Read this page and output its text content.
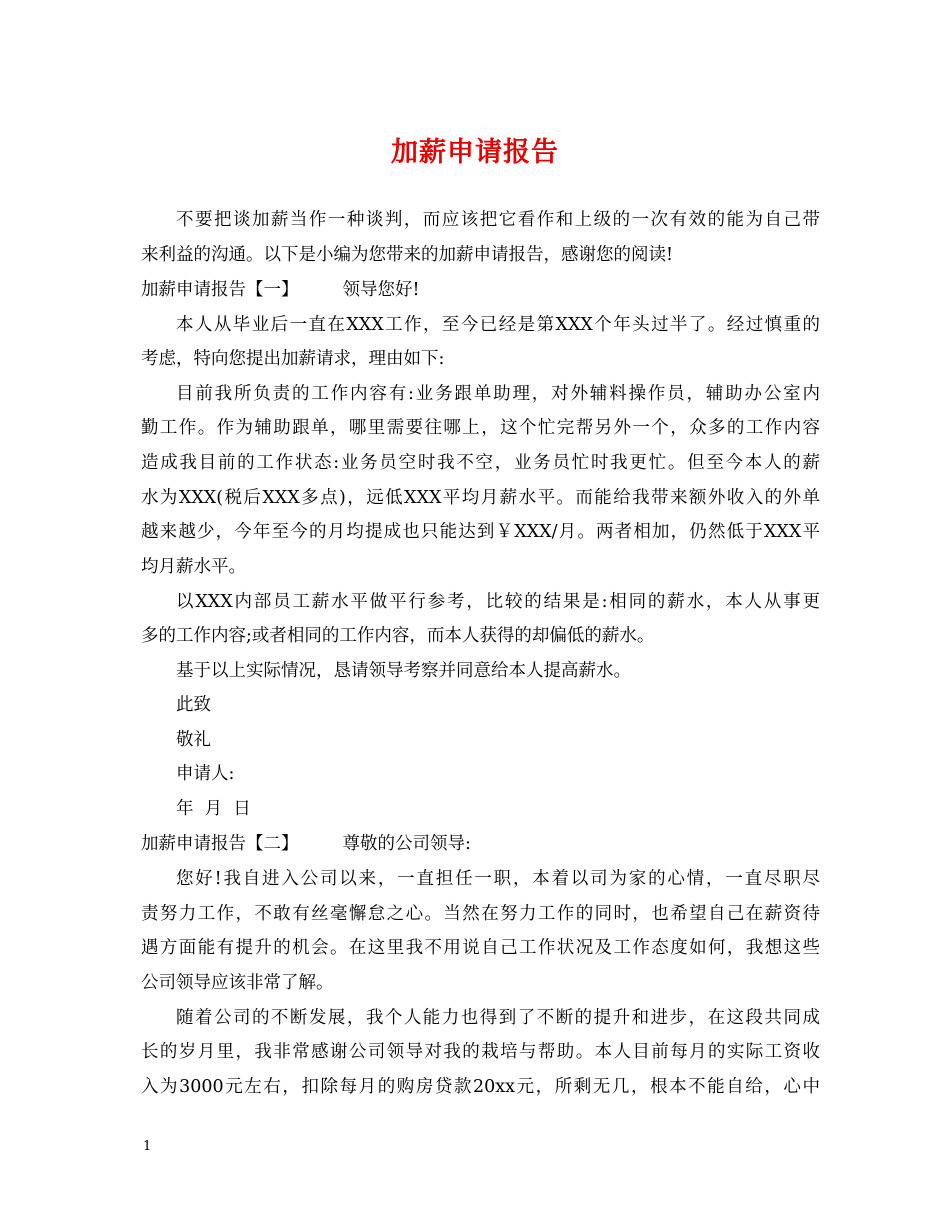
加薪申请报告
不要把谈加薪当作一种谈判，而应该把它看作和上级的一次有效的能为自己带
来利益的沟通。以下是小编为您带来的加薪申请报告，感谢您的阅读!
加薪申请报告【一】	领导您好!
本人从毕业后一直在XXX工作，至今已经是第XXX个年头过半了。经过慎重的
考虑，特向您提出加薪请求，理由如下:
目前我所负责的工作内容有:业务跟单助理，对外辅料操作员，辅助办公室内
勤工作。作为辅助跟单，哪里需要往哪上，这个忙完帮另外一个，众多的工作内容
造成我目前的工作状态:业务员空时我不空，业务员忙时我更忙。但至今本人的薪
水为XXX(税后XXX多点)，远低XXX平均月薪水平。而能给我带来额外收入的外单
越来越少，今年至今的月均提成也只能达到￥XXX/月。两者相加，仍然低于XXX平
均月薪水平。
以XXX内部员工薪水平做平行参考，比较的结果是:相同的薪水，本人从事更
多的工作内容;或者相同的工作内容，而本人获得的却偏低的薪水。
基于以上实际情况，恳请领导考察并同意给本人提高薪水。
此致
敬礼
申请人:
年  月  日
加薪申请报告【二】	尊敬的公司领导:
您好!我自进入公司以来，一直担任一职，本着以司为家的心情，一直尽职尽
责努力工作，不敢有丝毫懈怠之心。当然在努力工作的同时，也希望自己在薪资待
遇方面能有提升的机会。在这里我不用说自己工作状况及工作态度如何，我想这些
公司领导应该非常了解。
随着公司的不断发展，我个人能力也得到了不断的提升和进步，在这段共同成
长的岁月里，我非常感谢公司领导对我的栽培与帮助。本人目前每月的实际工资收
入为3000元左右，扣除每月的购房贷款20xx元，所剩无几，根本不能自给，心中
1
